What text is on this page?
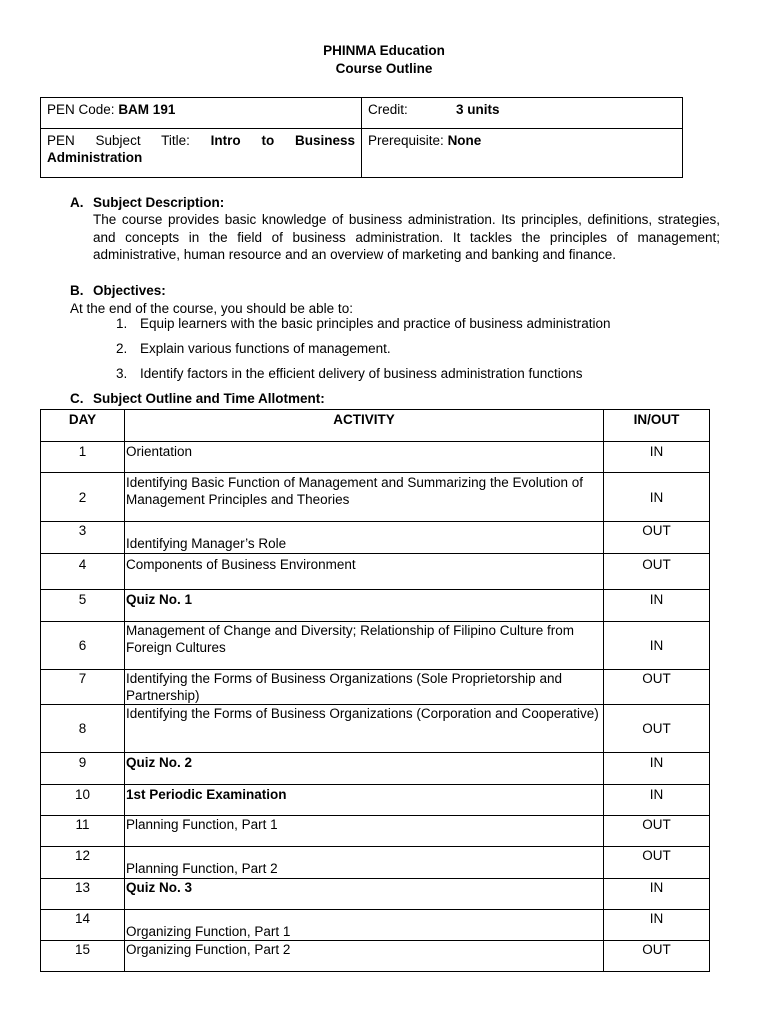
PHINMA Education
Course Outline
PEN Code: BAM 191	Credit: 3 units

PEN Subject Title: Intro to Business Administration	Prerequisite: None
A. Subject Description:
The course provides basic knowledge of business administration. Its principles, definitions, strategies, and concepts in the field of business administration. It tackles the principles of management; administrative, human resource and an overview of marketing and banking and finance.
B. Objectives:
At the end of the course, you should be able to:
1. Equip learners with the basic principles and practice of business administration
2. Explain various functions of management.
3. Identify factors in the efficient delivery of business administration functions
C. Subject Outline and Time Allotment:
DAY	ACTIVITY	IN/OUT
1	Orientation	IN
2	Identifying Basic Function of Management and Summarizing the Evolution of Management Principles and Theories	IN
3	Identifying Manager’s Role	OUT
4	Components of Business Environment	OUT
5	Quiz No. 1	IN
6	Management of Change and Diversity; Relationship of Filipino Culture from Foreign Cultures	IN
7	Identifying the Forms of Business Organizations (Sole Proprietorship and Partnership)	OUT
8	Identifying the Forms of Business Organizations (Corporation and Cooperative)	OUT
9	Quiz No. 2	IN
10	1st Periodic Examination	IN
11	Planning Function, Part 1	OUT
12	Planning Function, Part 2	OUT
13	Quiz No. 3	IN
14	Organizing Function, Part 1	IN
15	Organizing Function, Part 2	OUT
